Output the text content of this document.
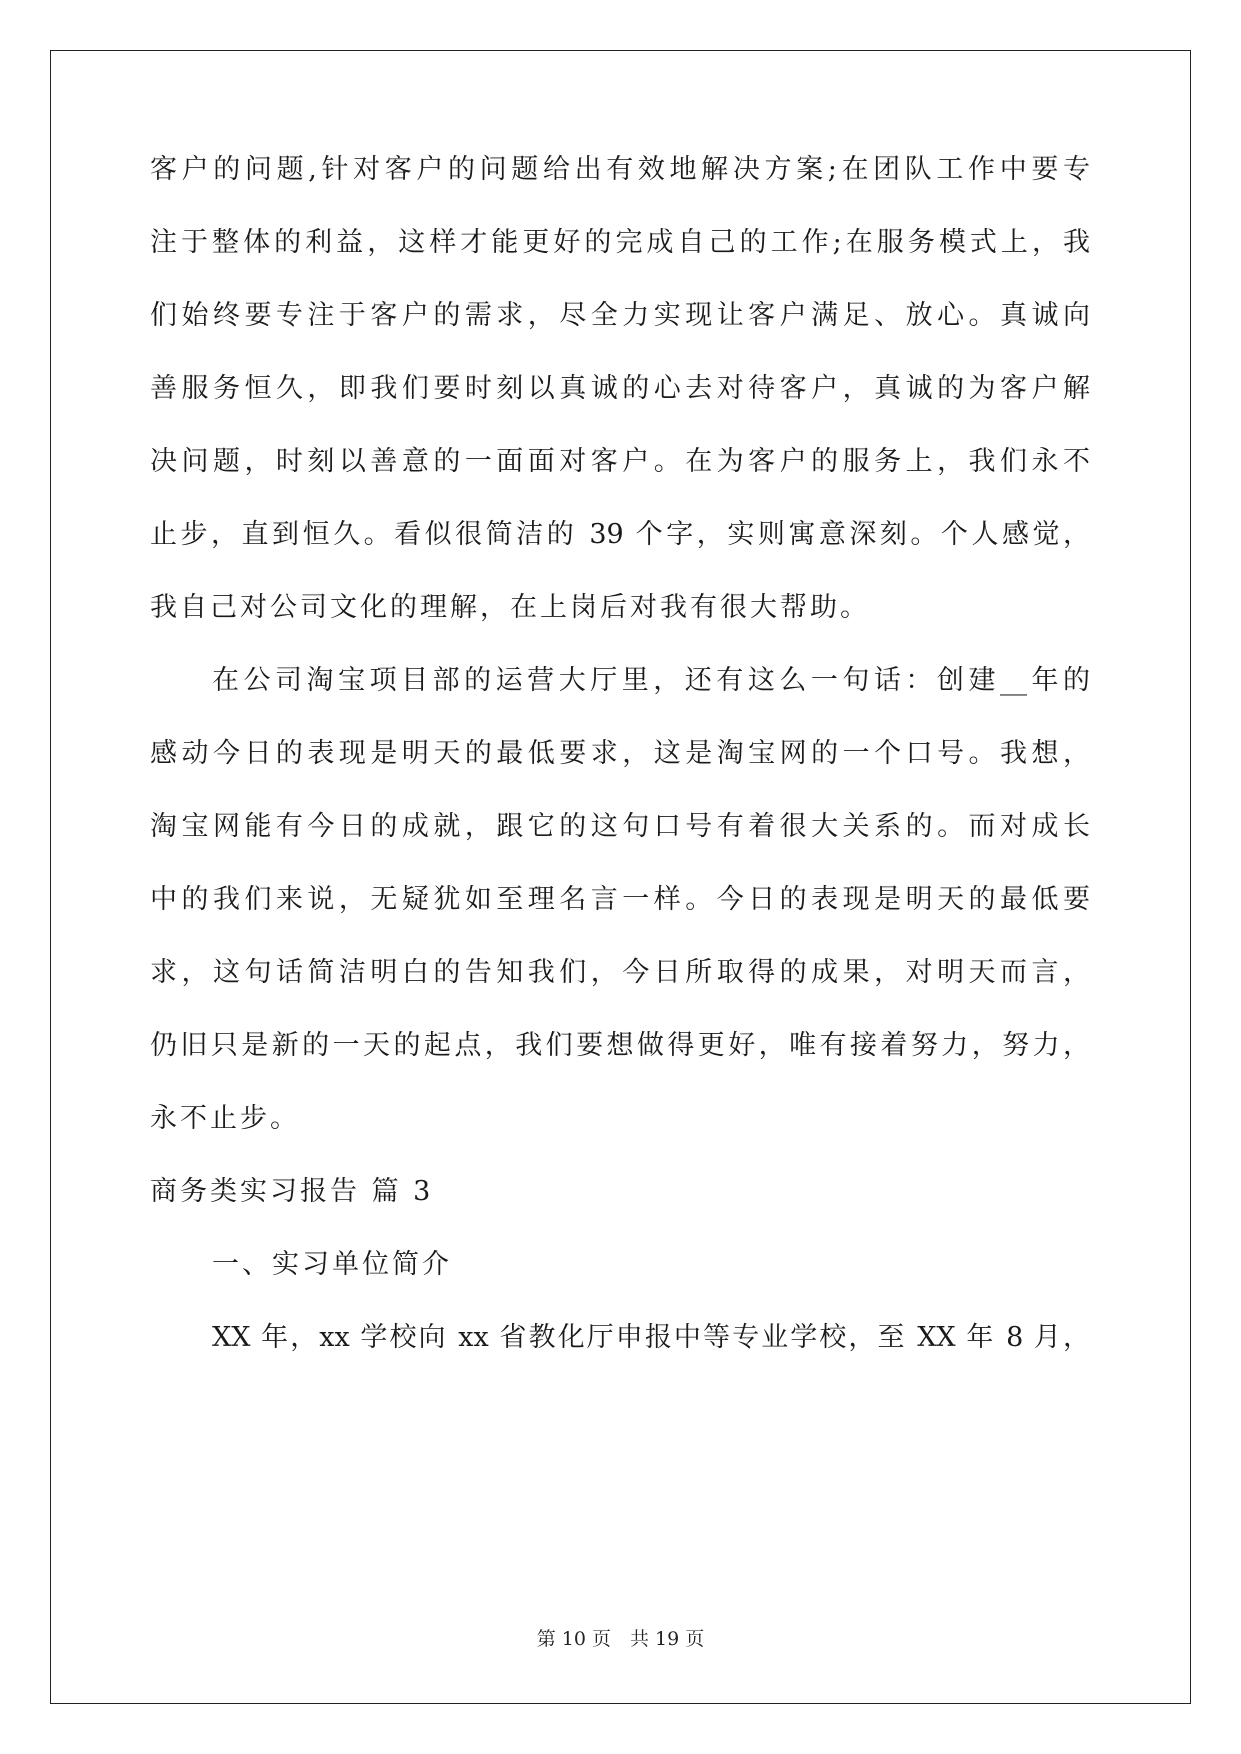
客户的问题,针对客户的问题给出有效地解决方案;在团队工作中要专
注于整体的利益，这样才能更好的完成自己的工作;在服务模式上，我
们始终要专注于客户的需求，尽全力实现让客户满足、放心。真诚向
善服务恒久，即我们要时刻以真诚的心去对待客户，真诚的为客户解
决问题，时刻以善意的一面面对客户。在为客户的服务上，我们永不
止步，直到恒久。看似很简洁的 39 个字，实则寓意深刻。个人感觉，
我自己对公司文化的理解，在上岗后对我有很大帮助。
在公司淘宝项目部的运营大厅里，还有这么一句话：创建__年的
感动今日的表现是明天的最低要求，这是淘宝网的一个口号。我想，
淘宝网能有今日的成就，跟它的这句口号有着很大关系的。而对成长
中的我们来说，无疑犹如至理名言一样。今日的表现是明天的最低要
求，这句话简洁明白的告知我们，今日所取得的成果，对明天而言，
仍旧只是新的一天的起点，我们要想做得更好，唯有接着努力，努力，
永不止步。
商务类实习报告 篇 3
一、实习单位简介
XX 年，xx 学校向 xx 省教化厅申报中等专业学校，至 XX 年 8 月，
第 10 页　共 19 页
